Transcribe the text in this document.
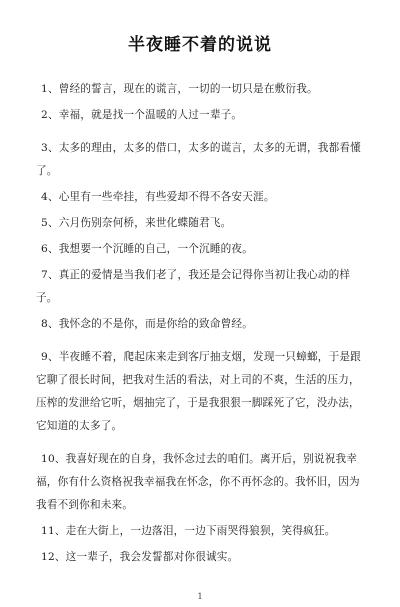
半夜睡不着的说说
1、曾经的誓言，现在的谎言，一切的一切只是在敷衍我。
2、幸福，就是找一个温暖的人过一辈子。
3、太多的理由，太多的借口，太多的谎言，太多的无谓，我都看懂了。
4、心里有一些牵挂，有些爱却不得不各安天涯。
5、六月伤别奈何桥，来世化蝶随君飞。
6、我想要一个沉睡的自己，一个沉睡的夜。
7、真正的爱情是当我们老了，我还是会记得你当初让我心动的样子。
8、我怀念的不是你，而是你给的致命曾经。
9、半夜睡不着，爬起床来走到客厅抽支烟，发现一只蟑螂，于是跟它聊了很长时间，把我对生活的看法，对上司的不爽，生活的压力，压榨的发泄给它听，烟抽完了，于是我狠狠一脚踩死了它，没办法，它知道的太多了。
10、我喜好现在的自身，我怀念过去的咱们。离开后，别说祝我幸福，你有什么资格祝我幸福我在怀念，你不再怀念的。我怀旧，因为我看不到你和未来。
11、走在大街上，一边落泪，一边下雨哭得狼狈，笑得疯狂。
12、这一辈子，我会发誓都对你很诚实。
1
